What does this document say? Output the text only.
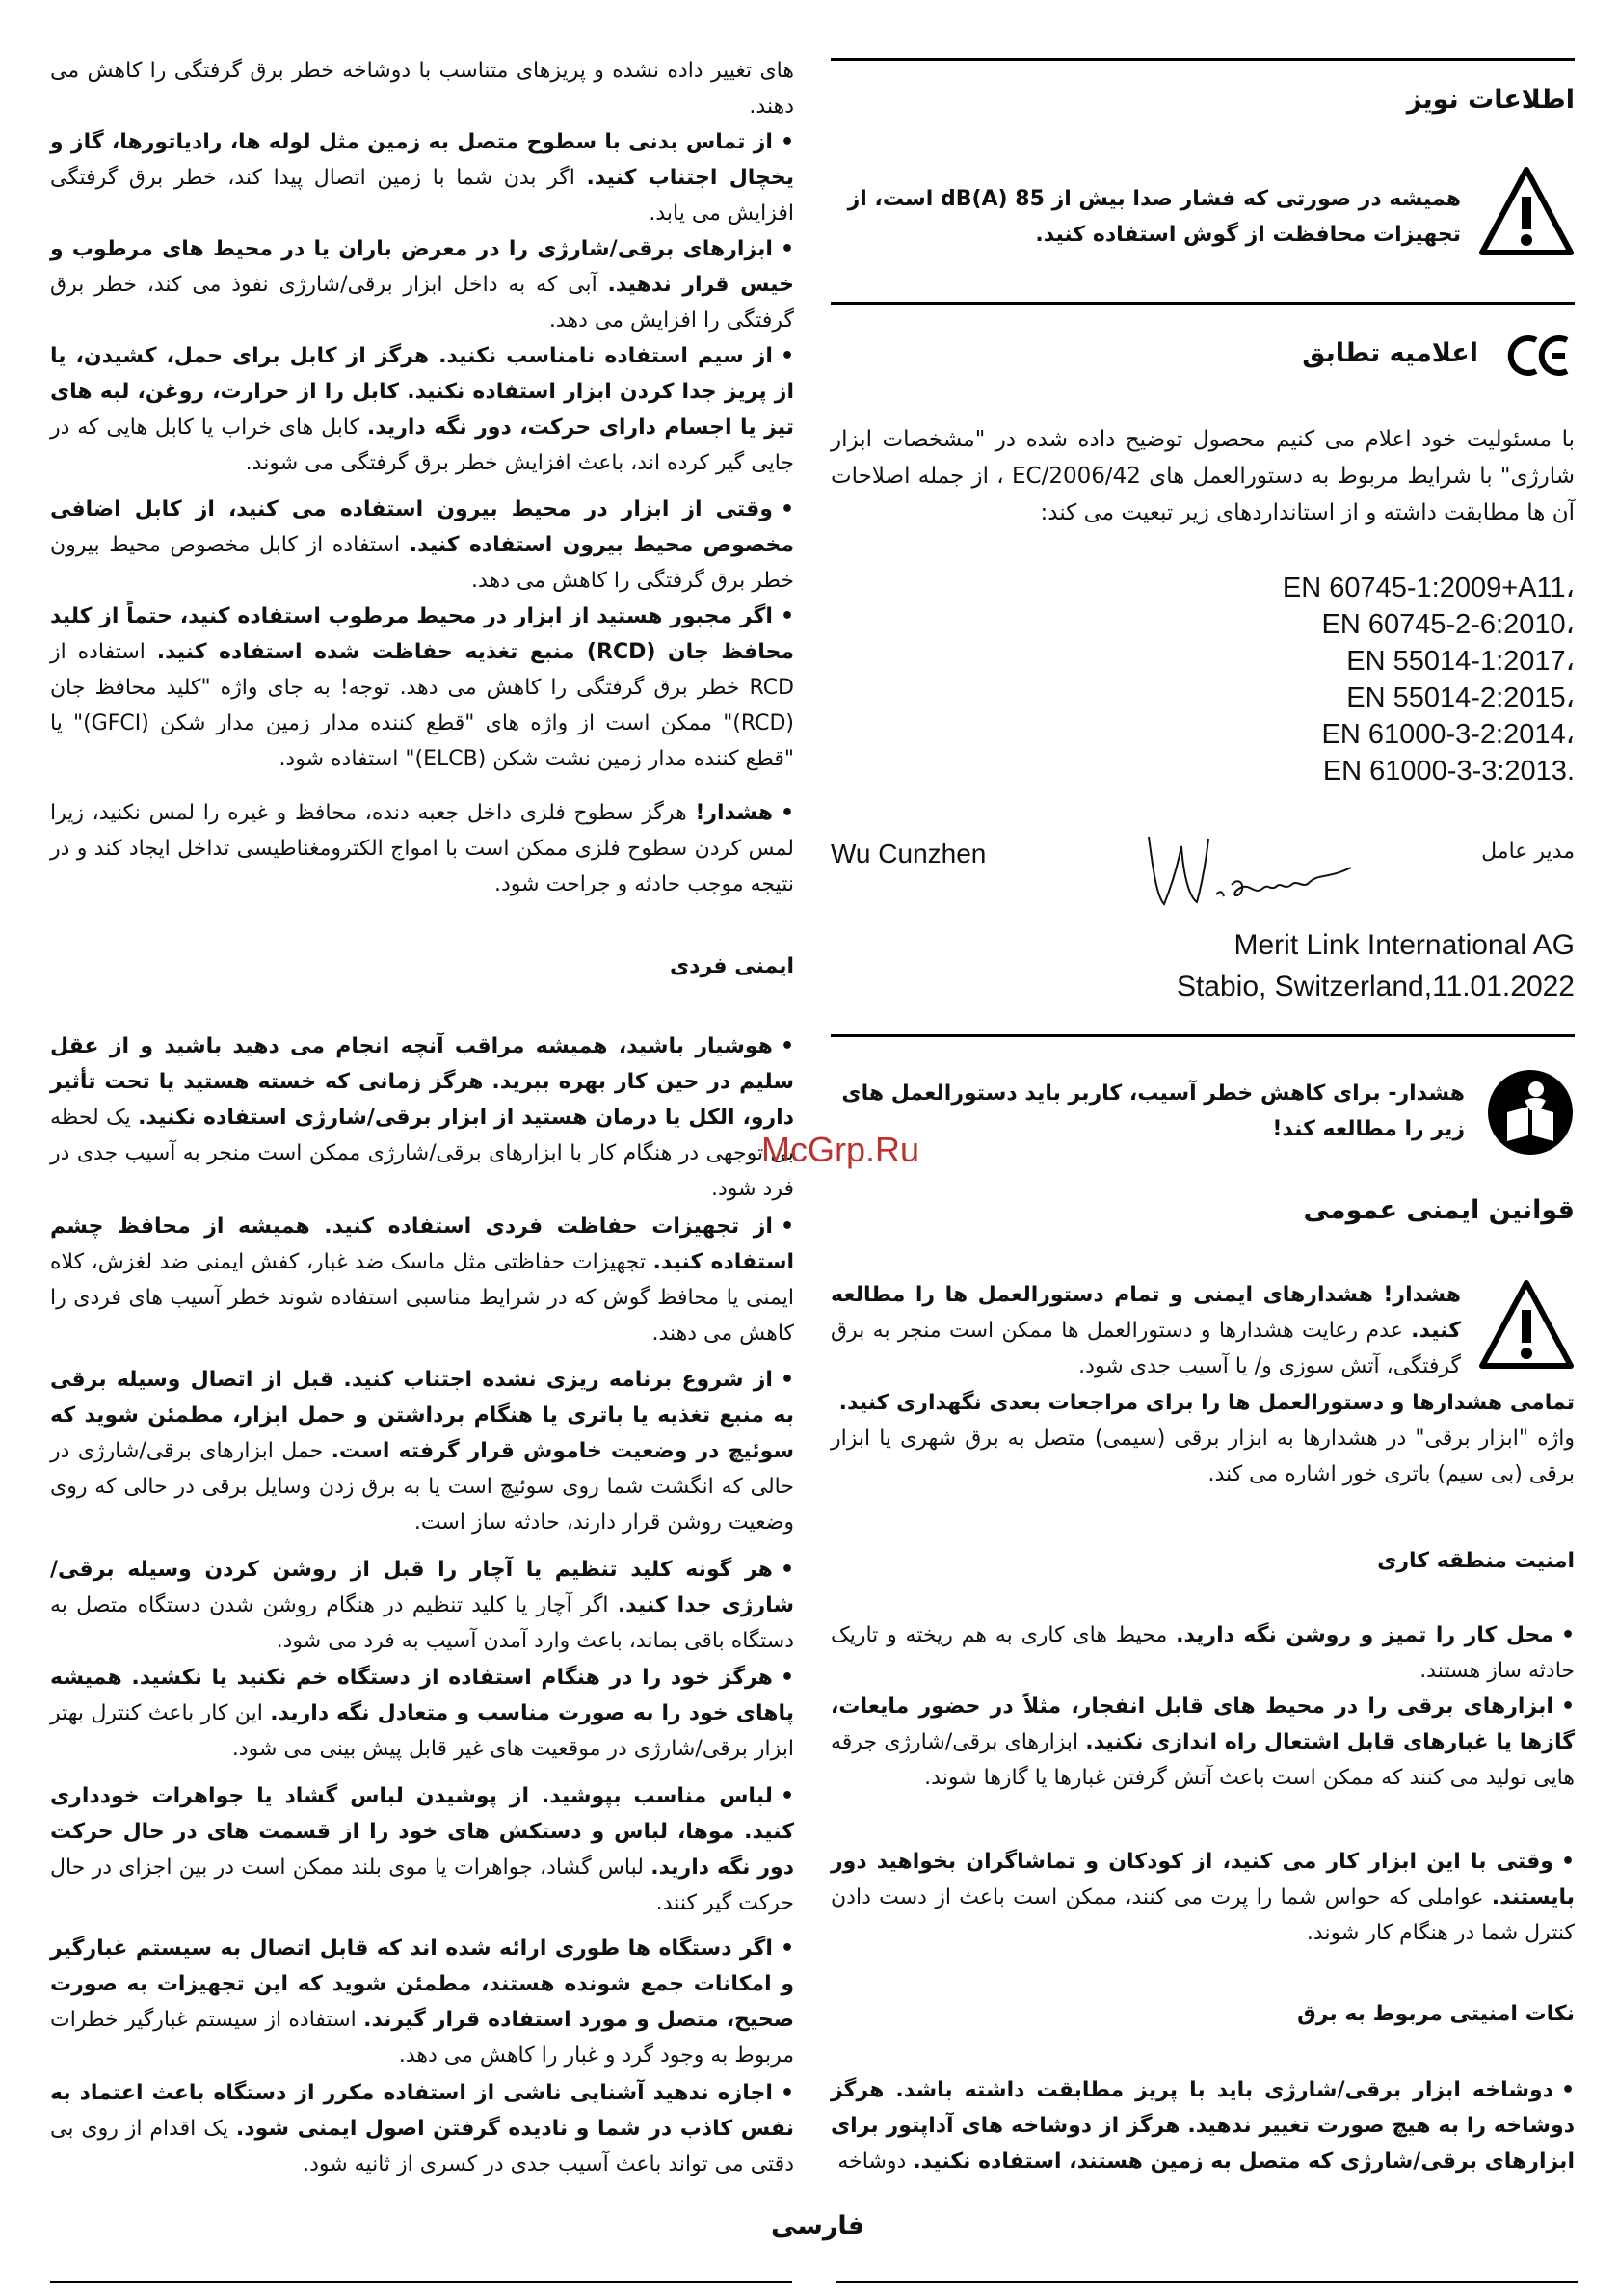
اطلاعات نویز
همیشه در صورتی که فشار صدا بیش از 85 dB(A) است، از تجهیزات محافظت از گوش استفاده کنید.
اعلامیه تطابق
با مسئولیت خود اعلام می کنیم محصول توضیح داده شده در "مشخصات ابزار شارژی" با شرایط مربوط به دستورالعمل های 2006/42/EC ، از جمله اصلاحات آن ها مطابقت داشته و از استانداردهای زیر تبعیت می کند:
EN 60745-1:2009+A11،
EN 60745-2-6:2010،
EN 55014-1:2017،
EN 55014-2:2015،
EN 61000-3-2:2014،
EN 61000-3-3:2013.
مدیر عامل
Wu Cunzhen
Merit Link International AG
Stabio, Switzerland,11.01.2022
هشدار- برای کاهش خطر آسیب، کاربر باید دستورالعمل های زیر را مطالعه کند!
قوانین ایمنی عمومی
هشدار! هشدارهای ایمنی و تمام دستورالعمل ها را مطالعه کنید. عدم رعایت هشدارها و دستورالعمل ها ممکن است منجر به برق گرفتگی، آتش سوزی و/ یا آسیب جدی شود.
تمامی هشدارها و دستورالعمل ها را برای مراجعات بعدی نگهداری کنید.
واژه "ابزار برقی" در هشدارها به ابزار برقی (سیمی) متصل به برق شهری یا ابزار برقی (بی سیم) باتری خور اشاره می کند.
امنیت منطقه کاری
•محل کار را تمیز و روشن نگه دارید. محیط های کاری به هم ریخته و تاریک حادثه ساز هستند.
•ابزارهای برقی را در محیط های قابل انفجار، مثلاً در حضور مایعات، گازها یا غبارهای قابل اشتعال راه اندازی نکنید. ابزارهای برقی/شارژی جرقه هایی تولید می کنند که ممکن است باعث آتش گرفتن غبارها یا گازها شوند.
•وقتی با این ابزار کار می کنید، از کودکان و تماشاگران بخواهید دور بایستند. عواملی که حواس شما را پرت می کنند، ممکن است باعث از دست دادن کنترل شما در هنگام کار شوند.
نکات امنیتی مربوط به برق
•دوشاخه ابزار برقی/شارژی باید با پریز مطابقت داشته باشد. هرگز دوشاخه را به هیچ صورت تغییر ندهید. هرگز از دوشاخه های آداپتور برای ابزارهای برقی/شارژی که متصل به زمین هستند، استفاده نکنید. دوشاخه
های تغییر داده نشده و پریزهای متناسب با دوشاخه خطر برق گرفتگی را کاهش می دهند.
•از تماس بدنی با سطوح متصل به زمین مثل لوله ها، رادیاتورها، گاز و یخچال اجتناب کنید. اگر بدن شما با زمین اتصال پیدا کند، خطر برق گرفتگی افزایش می یابد.
•ابزارهای برقی/شارژی را در معرض باران یا در محیط های مرطوب و خیس قرار ندهید. آبی که به داخل ابزار برقی/شارژی نفوذ می کند، خطر برق گرفتگی را افزایش می دهد.
•از سیم استفاده نامناسب نکنید. هرگز از کابل برای حمل، کشیدن، یا از پریز جدا کردن ابزار استفاده نکنید. کابل را از حرارت، روغن، لبه های تیز یا اجسام دارای حرکت، دور نگه دارید. کابل های خراب یا کابل هایی که در جایی گیر کرده اند، باعث افزایش خطر برق گرفتگی می شوند.
•وقتی از ابزار در محیط بیرون استفاده می کنید، از کابل اضافی مخصوص محیط بیرون استفاده کنید. استفاده از کابل مخصوص محیط بیرون خطر برق گرفتگی را کاهش می دهد.
•اگر مجبور هستید از ابزار در محیط مرطوب استفاده کنید، حتماً از کلید محافظ جان (RCD) منبع تغذیه حفاظت شده استفاده کنید. استفاده از RCD خطر برق گرفتگی را کاهش می دهد. توجه! به جای واژه "کلید محافظ جان (RCD)" ممکن است از واژه های "قطع کننده مدار زمین مدار شکن (GFCI)" یا "قطع کننده مدار زمین نشت شکن (ELCB)" استفاده شود.
•هشدار! هرگز سطوح فلزی داخل جعبه دنده، محافظ و غیره را لمس نکنید، زیرا لمس کردن سطوح فلزی ممکن است با امواج الکترومغناطیسی تداخل ایجاد کند و در نتیجه موجب حادثه و جراحت شود.
ایمنی فردی
•هوشیار باشید، همیشه مراقب آنچه انجام می دهید باشید و از عقل سلیم در حین کار بهره ببرید. هرگز زمانی که خسته هستید یا تحت تأثیر دارو، الکل یا درمان هستید از ابزار برقی/شارژی استفاده نکنید. یک لحظه بی توجهی در هنگام کار با ابزارهای برقی/شارژی ممکن است منجر به آسیب جدی در فرد شود.
•از تجهیزات حفاظت فردی استفاده کنید. همیشه از محافظ چشم استفاده کنید. تجهیزات حفاظتی مثل ماسک ضد غبار، کفش ایمنی ضد لغزش، کلاه ایمنی یا محافظ گوش که در شرایط مناسبی استفاده شوند خطر آسیب های فردی را کاهش می دهند.
•از شروع برنامه ریزی نشده اجتناب کنید. قبل از اتصال وسیله برقی به منبع تغذیه یا باتری یا هنگام برداشتن و حمل ابزار، مطمئن شوید که سوئیچ در وضعیت خاموش قرار گرفته است. حمل ابزارهای برقی/شارژی در حالی که انگشت شما روی سوئیچ است یا به برق زدن وسایل برقی در حالی که روی وضعیت روشن قرار دارند، حادثه ساز است.
•هر گونه کلید تنظیم یا آچار را قبل از روشن کردن وسیله برقی/شارژی جدا کنید. اگر آچار یا کلید تنظیم در هنگام روشن شدن دستگاه متصل به دستگاه باقی بماند، باعث وارد آمدن آسیب به فرد می شود.
•هرگز خود را در هنگام استفاده از دستگاه خم نکنید یا نکشید. همیشه پاهای خود را به صورت مناسب و متعادل نگه دارید. این کار باعث کنترل بهتر ابزار برقی/شارژی در موقعیت های غیر قابل پیش بینی می شود.
•لباس مناسب بپوشید. از پوشیدن لباس گشاد یا جواهرات خودداری کنید. موها، لباس و دستکش های خود را از قسمت های در حال حرکت دور نگه دارید. لباس گشاد، جواهرات یا موی بلند ممکن است در بین اجزای در حال حرکت گیر کنند.
•اگر دستگاه ها طوری ارائه شده اند که قابل اتصال به سیستم غبارگیر و امکانات جمع شونده هستند، مطمئن شوید که این تجهیزات به صورت صحیح، متصل و مورد استفاده قرار گیرند. استفاده از سیستم غبارگیر خطرات مربوط به وجود گرد و غبار را کاهش می دهد.
•اجازه ندهید آشنایی ناشی از استفاده مکرر از دستگاه باعث اعتماد به نفس کاذب در شما و نادیده گرفتن اصول ایمنی شود. یک اقدام از روی بی دقتی می تواند باعث آسیب جدی در کسری از ثانیه شود.
McGrp.Ru
فارسی
